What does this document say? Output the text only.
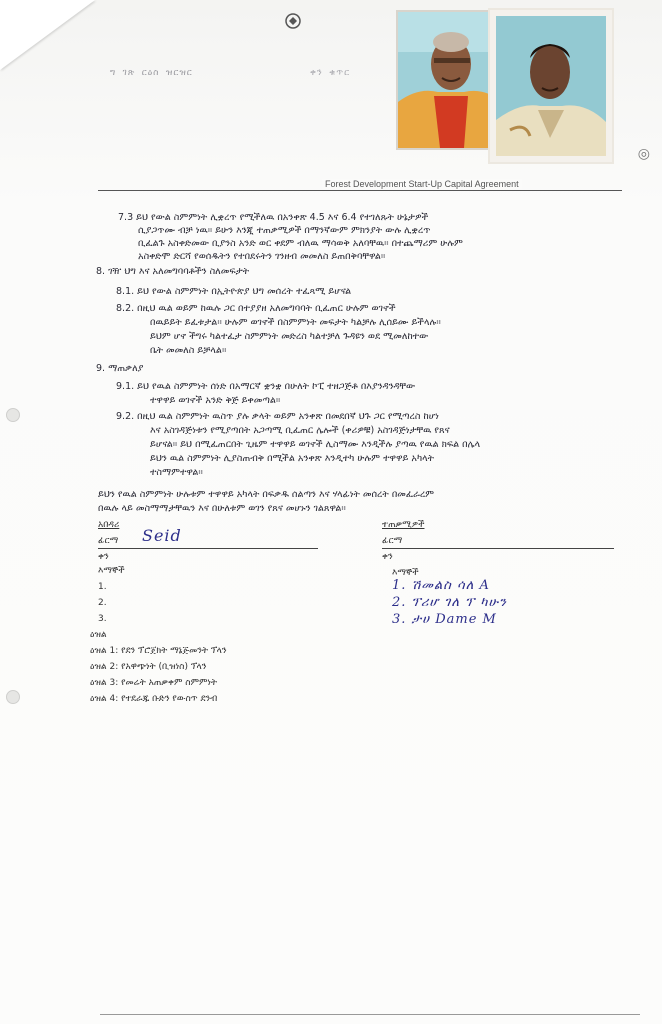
ግ ገጽ ርዕስ ዝርዝር	ቀን ቁጥር
◎
Forest Development Start-Up Capital Agreement
7.3 ይህ የውል ስምምነት ሊቋረጥ የሚችለዉ በአንቀጽ 4.5 እና 6.4 የተገለጹት ሁኔታዎች
ሲያጋጥሙ ብቻ ነዉ። ይሁን እንጂ ተጠቃሚዎች በማንኛውም ምክንያት ውሉ ሊቋረጥ
ቢፈልጉ አስቀድመው ቢያንስ አንድ ወር ቀደም ብለዉ ማሳወቅ አለባቸዉ። በተጨማሪም ሁሉም
አስቀድሞ ድርሻ የወሰዱትን የተበደሩትን ገንዘብ መመለስ ይጠበቅባቸዋል።
8. ገዥ ህግ እና አለመግባባቶችን ስለመፍታት
8.1. ይህ የውል ስምምነት በኢትዮጵያ ህግ መሰረት ተፈጻሚ ይሆናል
8.2. በዚህ ዉል ወይም ከዉሉ ጋር በተያያዘ አለመግባባት ቢፈጠር ሁሉም ወገኖች
በዉይይት ይፈቱታል። ሁሉም ወገኖች በስምምነት መፍታት ካልቻሉ ሊሰይሙ ይችላሉ።
ይህም ሆኖ ችግሩ ካልተፈታ ስምምነት መድረስ ካልተቻለ ጉዳዩን ወደ ሚመለከተው
ቤት መመለስ ይቻላል።
9. ማጠቃለያ
9.1. ይህ የዉል ስምምነት ሰነድ በአማርኛ ቋንቋ በሁለት ኮፒ ተዘጋጅቶ በእያንዳንዳቸው
ተዋዋይ ወገኖች አንድ ቅጅ ይቀመጣል።
9.2. በዚህ ዉል ስምምነት ዉስጥ ያሉ ቃላት ወይም አንቀጽ በመደበኛ ህጉ ጋር የሚጣረስ ከሆነ
እና አስገዳጅነቱን የሚያጣበት አጋጣሚ ቢፈጠር ሌሎች (ቀሪዎቹ) አስገዳጅነታቸዉ የጸና
ይሆናል። ይህ በሚፈጠርበት ጊዜም ተዋዋይ ወገኖች ሊስማሙ እንዲችሉ ያጣዉ የዉል ክፍል በሌላ
ይህን ዉል ስምምነት ሊያስጠብቅ በሚችል አንቀጽ እንዲተካ ሁሉም ተዋዋይ አካላት
ተስማምተዋል።
ይህን የዉል ስምምነት ሁሉቱም ተዋዋይ አካላት በፍቃዱ ሰልጣን እና ሃላፊነት መሰረት በመፈራረም
በዉሉ ላይ መስማማታቸዉን እና በሁለቱም ወገን የጸና መሆኑን ገልጸዋል።
አበዳሪ
ፊርማ Seid
ቀን
ተጠቃሚዎች
ፊርማ
ቀን
እማኞች
1.
2.
3.
እማኞች
1. ሽመልስ ሳለ A
2. ፕሪሆ ገለ ፕ ካሁን
3. ታሀ Dame M
ዕዝል
ዕዝል 1: የደን ፕሮጀክት ማኔጅመንት ፕላን
ዕዝል 2: የአዋጭነት (ቢዝነስ) ፕላን
ዕዝል 3: የመሬት አጠቃቀም ስምምነት
ዕዝል 4: የተደራጁ ቡድን የውስጥ ደንብ
